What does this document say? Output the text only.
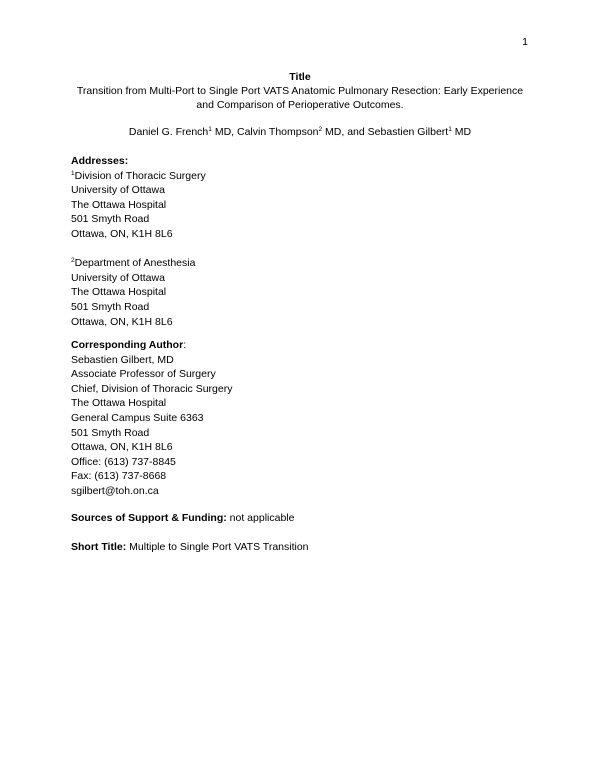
1
Title
Transition from Multi-Port to Single Port VATS Anatomic Pulmonary Resection: Early Experience
and Comparison of Perioperative Outcomes.
Daniel G. French$^1$ MD, Calvin Thompson$^2$ MD, and Sebastien Gilbert$^1$ MD
Addresses:
$^1$Division of Thoracic Surgery
University of Ottawa
The Ottawa Hospital
501 Smyth Road
Ottawa, ON, K1H 8L6
$^2$Department of Anesthesia
University of Ottawa
The Ottawa Hospital
501 Smyth Road
Ottawa, ON, K1H 8L6
Corresponding Author:
Sebastien Gilbert, MD
Associate Professor of Surgery
Chief, Division of Thoracic Surgery
The Ottawa Hospital
General Campus Suite 6363
501 Smyth Road
Ottawa, ON, K1H 8L6
Office: (613) 737-8845
Fax: (613) 737-8668
sgilbert@toh.on.ca
Sources of Support & Funding: not applicable
Short Title: Multiple to Single Port VATS Transition
